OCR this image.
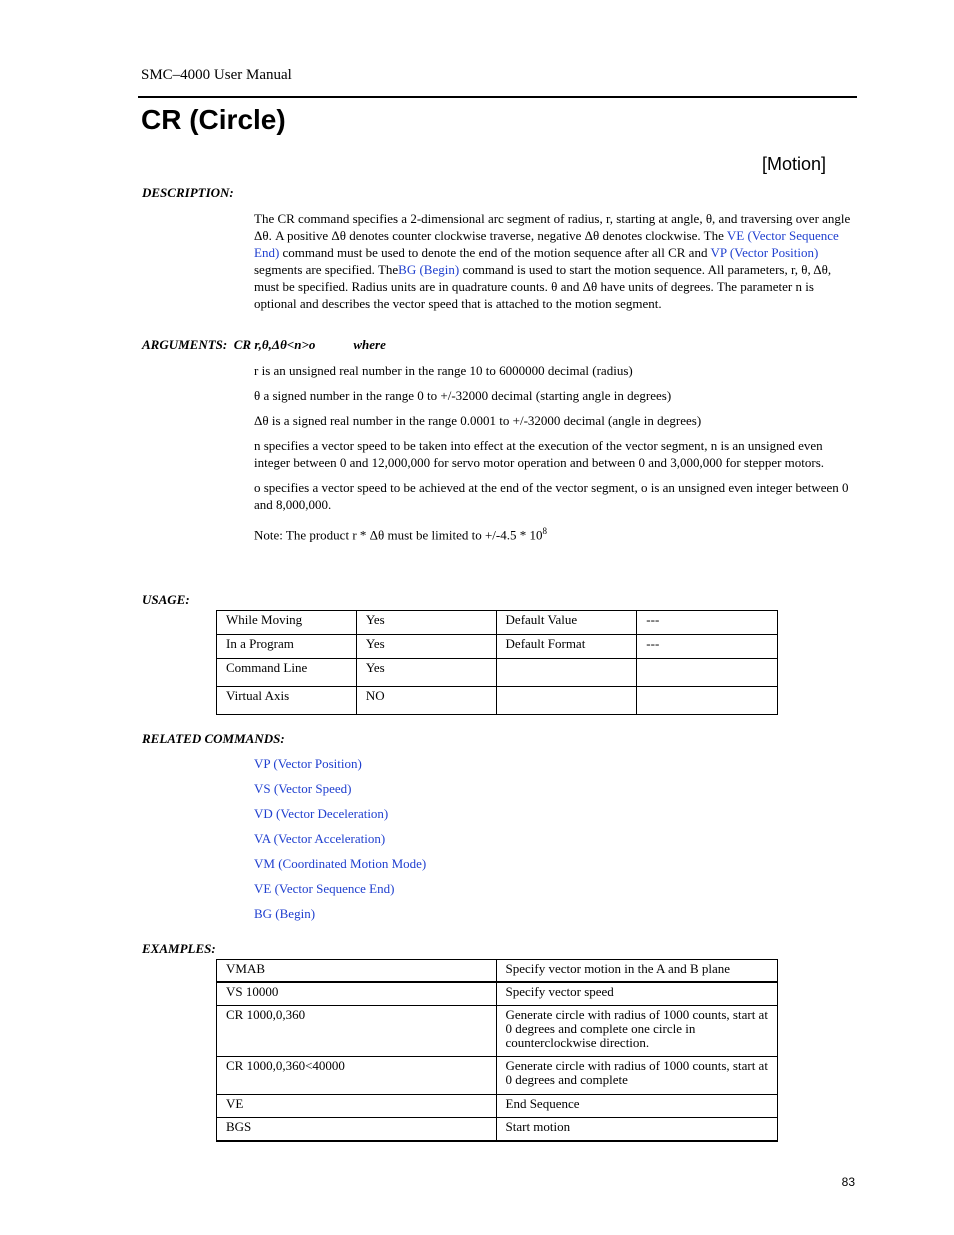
SMC–4000 User Manual
CR (Circle)
[Motion]
DESCRIPTION:

The CR command specifies a 2-dimensional arc segment of radius, r, starting at angle, θ, and traversing over angle Δθ. A positive Δθ denotes counter clockwise traverse, negative Δθ denotes clockwise. The VE (Vector Sequence End) command must be used to denote the end of the motion sequence after all CR and VP (Vector Position) segments are specified. TheBG (Begin) command is used to start the motion sequence. All parameters, r, θ, Δθ, must be specified. Radius units are in quadrature counts. θ and Δθ have units of degrees. The parameter n is optional and describes the vector speed that is attached to the motion segment.

ARGUMENTS: CR r,θ,Δθ<n>o	where

r is an unsigned real number in the range 10 to 6000000 decimal (radius)

θ a signed number in the range 0 to +/-32000 decimal (starting angle in degrees)

Δθ is a signed real number in the range 0.0001 to +/-32000 decimal (angle in degrees)

n specifies a vector speed to be taken into effect at the execution of the vector segment, n is an unsigned even integer between 0 and 12,000,000 for servo motor operation and between 0 and 3,000,000 for stepper motors.

o specifies a vector speed to be achieved at the end of the vector segment, o is an unsigned even integer between 0 and 8,000,000.

Note: The product r * Δθ must be limited to $+/-4.5 * 10^8$

USAGE:
While Moving	Yes	Default Value	---
In a Program	Yes	Default Format	---
Command Line	Yes		
Virtual Axis	NO		
RELATED COMMANDS:
VP (Vector Position)
VS (Vector Speed)
VD (Vector Deceleration)
VA (Vector Acceleration)
VM (Coordinated Motion Mode)
VE (Vector Sequence End)
BG (Begin)
EXAMPLES:
VMAB	Specify vector motion in the A and B plane
VS 10000	Specify vector speed
CR 1000,0,360	Generate circle with radius of 1000 counts, start at 0 degrees and complete one circle in counterclockwise direction.
CR 1000,0,360<40000	Generate circle with radius of 1000 counts, start at 0 degrees and complete
VE	End Sequence
BGS	Start motion
83
